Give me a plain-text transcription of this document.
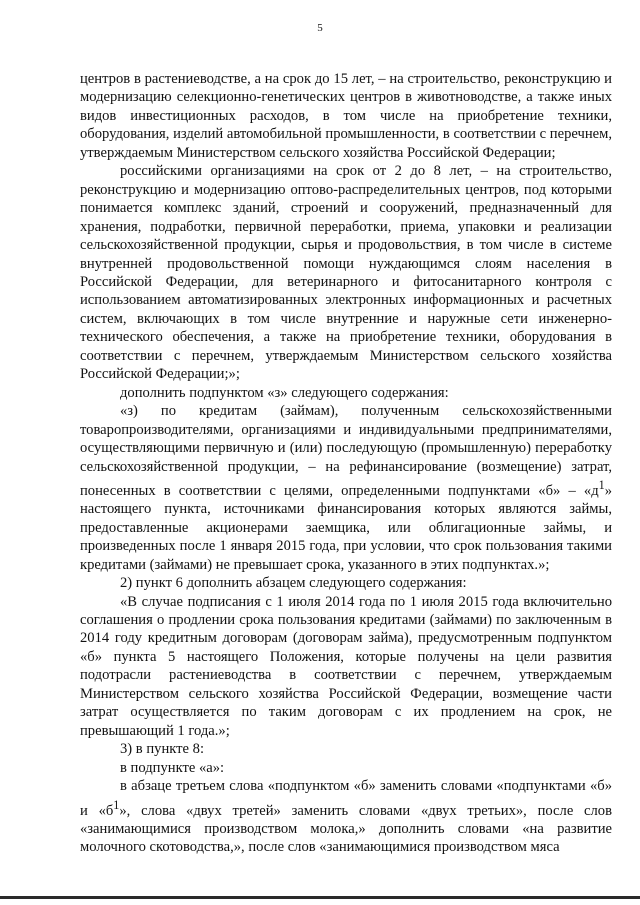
5

центров в растениеводстве, а на срок до 15 лет, – на строительство, реконструкцию и модернизацию селекционно-генетических центров в животноводстве, а также иных видов инвестиционных расходов, в том числе на приобретение техники, оборудования, изделий автомобильной промышленности, в соответствии с перечнем, утверждаемым Министерством сельского хозяйства Российской Федерации;

российскими организациями на срок от 2 до 8 лет, – на строительство, реконструкцию и модернизацию оптово-распределительных центров, под которыми понимается комплекс зданий, строений и сооружений, предназначенный для хранения, подработки, первичной переработки, приема, упаковки и реализации сельскохозяйственной продукции, сырья и продовольствия, в том числе в системе внутренней продовольственной помощи нуждающимся слоям населения в Российской Федерации, для ветеринарного и фитосанитарного контроля с использованием автоматизированных электронных информационных и расчетных систем, включающих в том числе внутренние и наружные сети инженерно-технического обеспечения, а также на приобретение техники, оборудования в соответствии с перечнем, утверждаемым Министерством сельского хозяйства Российской Федерации;»;

дополнить подпунктом «з» следующего содержания:

«з) по кредитам (займам), полученным сельскохозяйственными товаропроизводителями, организациями и индивидуальными предпринимателями, осуществляющими первичную и (или) последующую (промышленную) переработку сельскохозяйственной продукции, – на рефинансирование (возмещение) затрат, понесенных в соответствии с целями, определенными подпунктами «б» – «$д^1$» настоящего пункта, источниками финансирования которых являются займы, предоставленные акционерами заемщика, или облигационные займы, и произведенных после 1 января 2015 года, при условии, что срок пользования такими кредитами (займами) не превышает срока, указанного в этих подпунктах.»;

2) пункт 6 дополнить абзацем следующего содержания:

«В случае подписания с 1 июля 2014 года по 1 июля 2015 года включительно соглашения о продлении срока пользования кредитами (займами) по заключенным в 2014 году кредитным договорам (договорам займа), предусмотренным подпунктом «б» пункта 5 настоящего Положения, которые получены на цели развития подотрасли растениеводства в соответствии с перечнем, утверждаемым Министерством сельского хозяйства Российской Федерации, возмещение части затрат осуществляется по таким договорам с их продлением на срок, не превышающий 1 года.»;

3) в пункте 8:

в подпункте «а»:

в абзаце третьем слова «подпунктом «б» заменить словами «подпунктами «б» и «$б^1$», слова «двух третей» заменить словами «двух третьих», после слов «занимающимися производством молока,» дополнить словами «на развитие молочного скотоводства,», после слов «занимающимися производством мяса
